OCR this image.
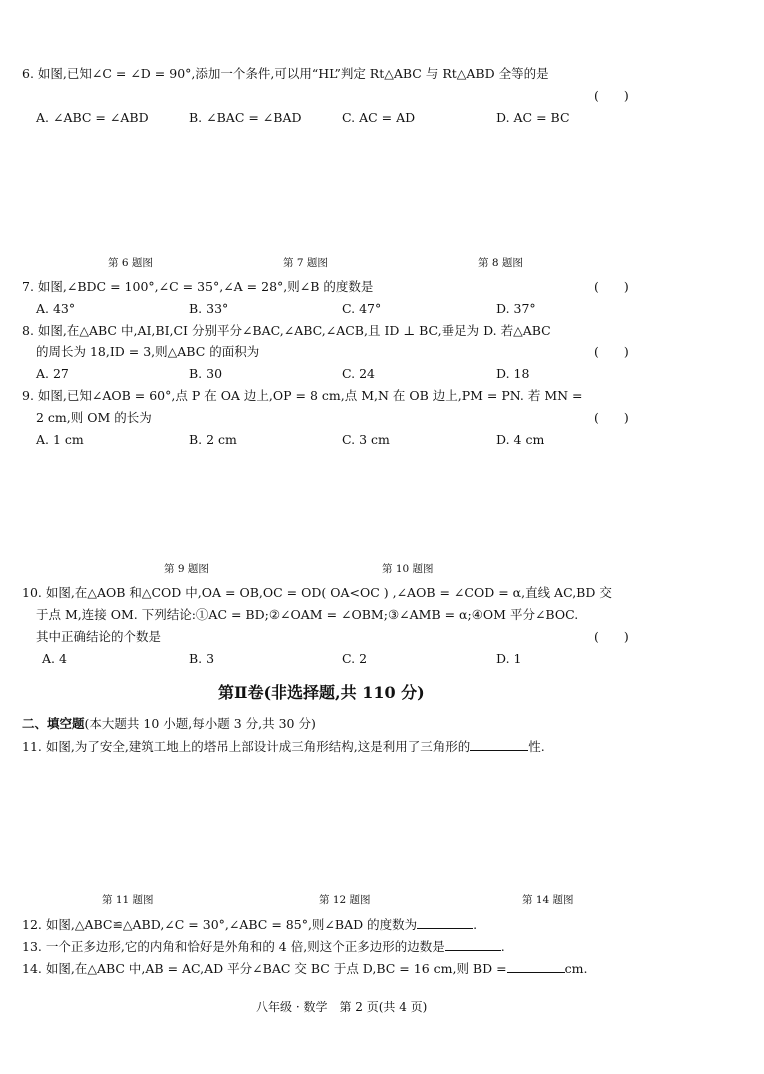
6. 如图,已知∠C = ∠D = 90°,添加一个条件,可以用“HL”判定 Rt△ABC 与 Rt△ABD 全等的是
(　　)
A. ∠ABC = ∠ABD	B. ∠BAC = ∠BAD	C. AC = AD	D. AC = BC
第 6 题图	第 7 题图	第 8 题图
7. 如图,∠BDC = 100°,∠C = 35°,∠A = 28°,则∠B 的度数是	(　　)
A. 43°	B. 33°	C. 47°	D. 37°
8. 如图,在△ABC 中,AI,BI,CI 分别平分∠BAC,∠ABC,∠ACB,且 ID ⊥ BC,垂足为 D. 若△ABC
的周长为 18,ID = 3,则△ABC 的面积为	(　　)
A. 27	B. 30	C. 24	D. 18
9. 如图,已知∠AOB = 60°,点 P 在 OA 边上,OP = 8 cm,点 M,N 在 OB 边上,PM = PN. 若 MN =
2 cm,则 OM 的长为	(　　)
A. 1 cm	B. 2 cm	C. 3 cm	D. 4 cm
第 9 题图	第 10 题图
10. 如图,在△AOB 和△COD 中,OA = OB,OC = OD( OA<OC ) ,∠AOB = ∠COD = α,直线 AC,BD 交
于点 M,连接 OM. 下列结论:①AC = BD;②∠OAM = ∠OBM;③∠AMB = α;④OM 平分∠BOC.
其中正确结论的个数是	(　　)
A. 4	B. 3	C. 2	D. 1
第Ⅱ卷(非选择题,共 110 分)
二、填空题(本大题共 10 小题,每小题 3 分,共 30 分)
11. 如图,为了安全,建筑工地上的塔吊上部设计成三角形结构,这是利用了三角形的	性.
第 11 题图	第 12 题图	第 14 题图
12. 如图,△ABC≌△ABD,∠C = 30°,∠ABC = 85°,则∠BAD 的度数为	.
13. 一个正多边形,它的内角和恰好是外角和的 4 倍,则这个正多边形的边数是	.
14. 如图,在△ABC 中,AB = AC,AD 平分∠BAC 交 BC 于点 D,BC = 16 cm,则 BD =	cm.
八年级 · 数学　第 2 页(共 4 页)
